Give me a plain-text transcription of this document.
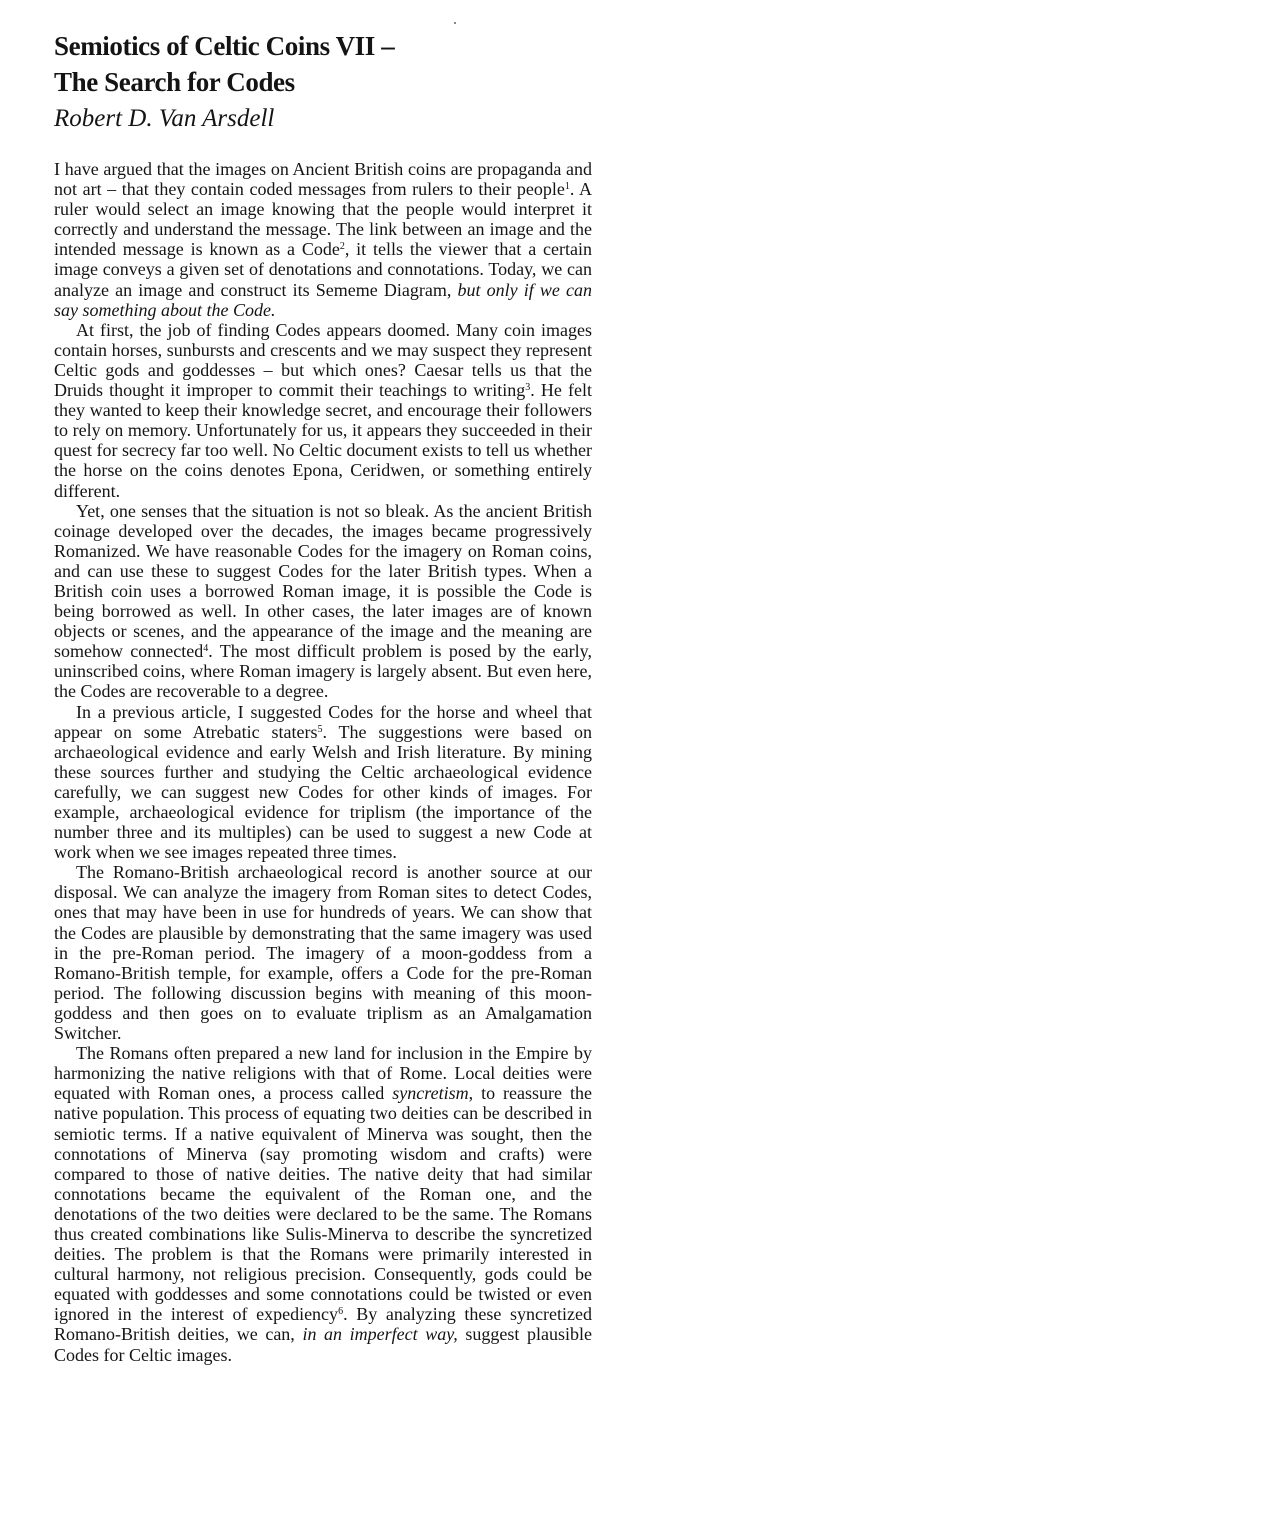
Semiotics of Celtic Coins VII –
The Search for Codes
Robert D. Van Arsdell

I have argued that the images on Ancient British coins are propaganda and not art – that they contain coded messages from rulers to their people$^1$. A ruler would select an image knowing that the people would interpret it correctly and understand the message. The link between an image and the intended message is known as a Code$^2$, it tells the viewer that a certain image conveys a given set of denotations and connotations. Today, we can analyze an image and construct its Sememe Diagram, but only if we can say something about the Code.

At first, the job of finding Codes appears doomed. Many coin images contain horses, sunbursts and crescents and we may suspect they represent Celtic gods and goddesses – but which ones? Caesar tells us that the Druids thought it improper to commit their teachings to writing$^3$. He felt they wanted to keep their knowledge secret, and encourage their followers to rely on memory. Unfortunately for us, it appears they succeeded in their quest for secrecy far too well. No Celtic document exists to tell us whether the horse on the coins denotes Epona, Ceridwen, or something entirely different.

Yet, one senses that the situation is not so bleak. As the ancient British coinage developed over the decades, the images became progressively Romanized. We have reasonable Codes for the imagery on Roman coins, and can use these to suggest Codes for the later British types. When a British coin uses a borrowed Roman image, it is possible the Code is being borrowed as well. In other cases, the later images are of known objects or scenes, and the appearance of the image and the meaning are somehow connected$^4$. The most difficult problem is posed by the early, uninscribed coins, where Roman imagery is largely absent. But even here, the Codes are recoverable to a degree.

In a previous article, I suggested Codes for the horse and wheel that appear on some Atrebatic staters$^5$. The suggestions were based on archaeological evidence and early Welsh and Irish literature. By mining these sources further and studying the Celtic archaeological evidence carefully, we can suggest new Codes for other kinds of images. For example, archaeological evidence for triplism (the importance of the number three and its multiples) can be used to suggest a new Code at work when we see images repeated three times.

The Romano-British archaeological record is another source at our disposal. We can analyze the imagery from Roman sites to detect Codes, ones that may have been in use for hundreds of years. We can show that the Codes are plausible by demonstrating that the same imagery was used in the pre-Roman period. The imagery of a moon-goddess from a Romano-British temple, for example, offers a Code for the pre-Roman period. The following discussion begins with meaning of this moon-goddess and then goes on to evaluate triplism as an Amalgamation Switcher.

The Romans often prepared a new land for inclusion in the Empire by harmonizing the native religions with that of Rome. Local deities were equated with Roman ones, a process called syncretism, to reassure the native population. This process of equating two deities can be described in semiotic terms. If a native equivalent of Minerva was sought, then the connotations of Minerva (say promoting wisdom and crafts) were compared to those of native deities. The native deity that had similar connotations became the equivalent of the Roman one, and the denotations of the two deities were declared to be the same. The Romans thus created combinations like Sulis-Minerva to describe the syncretized deities. The problem is that the Romans were primarily interested in cultural harmony, not religious precision. Consequently, gods could be equated with goddesses and some connotations could be twisted or even ignored in the interest of expediency$^6$. By analyzing these syncretized Romano-British deities, we can, in an imperfect way, suggest plausible Codes for Celtic images.
